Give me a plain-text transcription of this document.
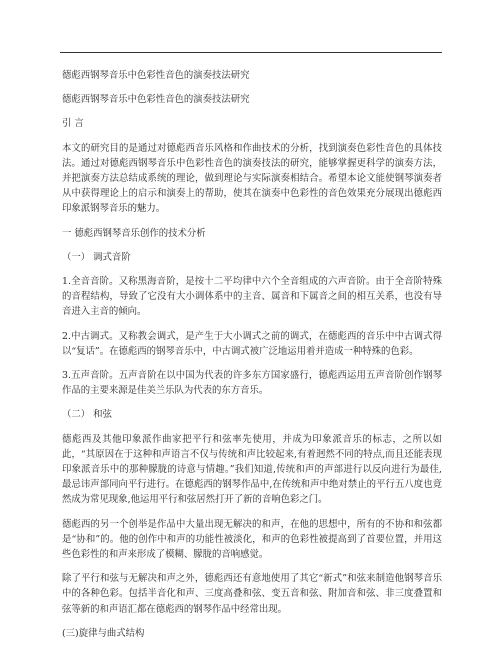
德彪西钢琴音乐中色彩性音色的演奏技法研究

德彪西钢琴音乐中色彩性音色的演奏技法研究

引 言

本文的研究目的是通过对德彪西音乐风格和作曲技术的分析，找到演奏色彩性音色的具体技法。通过对德彪西钢琴音乐中色彩性音色的演奏技法的研究，能够掌握更科学的演奏方法，并把演奏方法总结成系统的理论，做到理论与实际演奏相结合。希望本论文能使钢琴演奏者从中获得理论上的启示和演奏上的帮助，使其在演奏中色彩性的音色效果充分展现出德彪西印象派钢琴音乐的魅力。

一 德彪西钢琴音乐创作的技术分析

（一） 调式音阶

1.全音音阶。又称黑海音阶，是按十二平均律中六个全音组成的六声音阶。由于全音阶特殊的音程结构，导致了它没有大小调体系中的主音、属音和下属音之间的相互关系，也没有导音进入主音的倾向。

2.中古调式。又称教会调式，是产生于大小调式之前的调式，在德彪西的音乐中中古调式得以“复话”。在德彪西的钢琴音乐中，中古调式被广泛地运用着并造成一种特殊的色彩。

3.五声音阶。五声音阶在以中国为代表的许多东方国家盛行，德彪西运用五声音阶创作钢琴作品的主要来源是佳美兰乐队为代表的东方音乐。

（二） 和弦

德彪西及其他印象派作曲家把平行和弦率先使用，并成为印象派音乐的标志，之所以如此，“其原因在于这种和声语言不仅与传统和声比较起来,有着迥然不同的特点,而且还能表现印象派音乐中的那种朦胧的诗意与情趣。”我们知道,传统和声的声部进行以反向进行为最佳,最忌讳声部同向平行进行。在德彪西的钢琴作品中,在传统和声中绝对禁止的平行五八度也竟然成为常见现象,他运用平行和弦居然打开了新的音响色彩之门。

德彪西的另一个创举是作品中大量出现无解决的和声，在他的思想中，所有的不协和和弦都是“协和”的。他的创作中和声的功能性被淡化，和声的色彩性被提高到了首要位置，并用这些色彩性的和声来形成了模糊、朦胧的音响感觉。

除了平行和弦与无解决和声之外，德彪西还有意地使用了其它“新式”和弦来制造他钢琴音乐中的各种色彩。包括半音化和声、三度高叠和弦、变五音和弦、附加音和弦、非三度叠置和弦等新的和声语汇都在德彪西的钢琴作品中经常出现。

(三)旋律与曲式结构
